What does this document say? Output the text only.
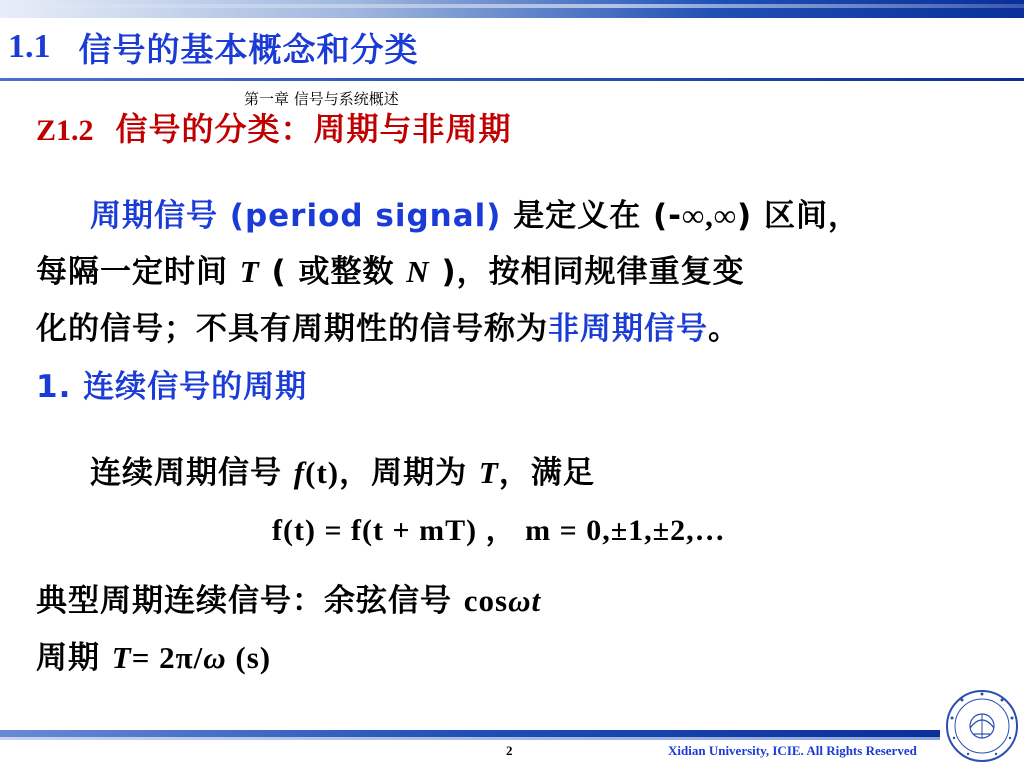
1.1 信号的基本概念和分类
Z1.2 信号的分类：周期与非周期
第一章 信号与系统概述
周期信号 (period signal) 是定义在 (-∞,∞) 区间，
每隔一定时间 T ( 或整数 N )，按相同规律重复变
化的信号；不具有周期性的信号称为非周期信号。
1. 连续信号的周期
连续周期信号 f(t)，周期为 T，满足
f(t) = f(t + mT) ， m = 0,±1,±2,…
典型周期连续信号：余弦信号 cosωt
周期 T= 2π/ω (s)
2	Xidian University, ICIE. All Rights Reserved
